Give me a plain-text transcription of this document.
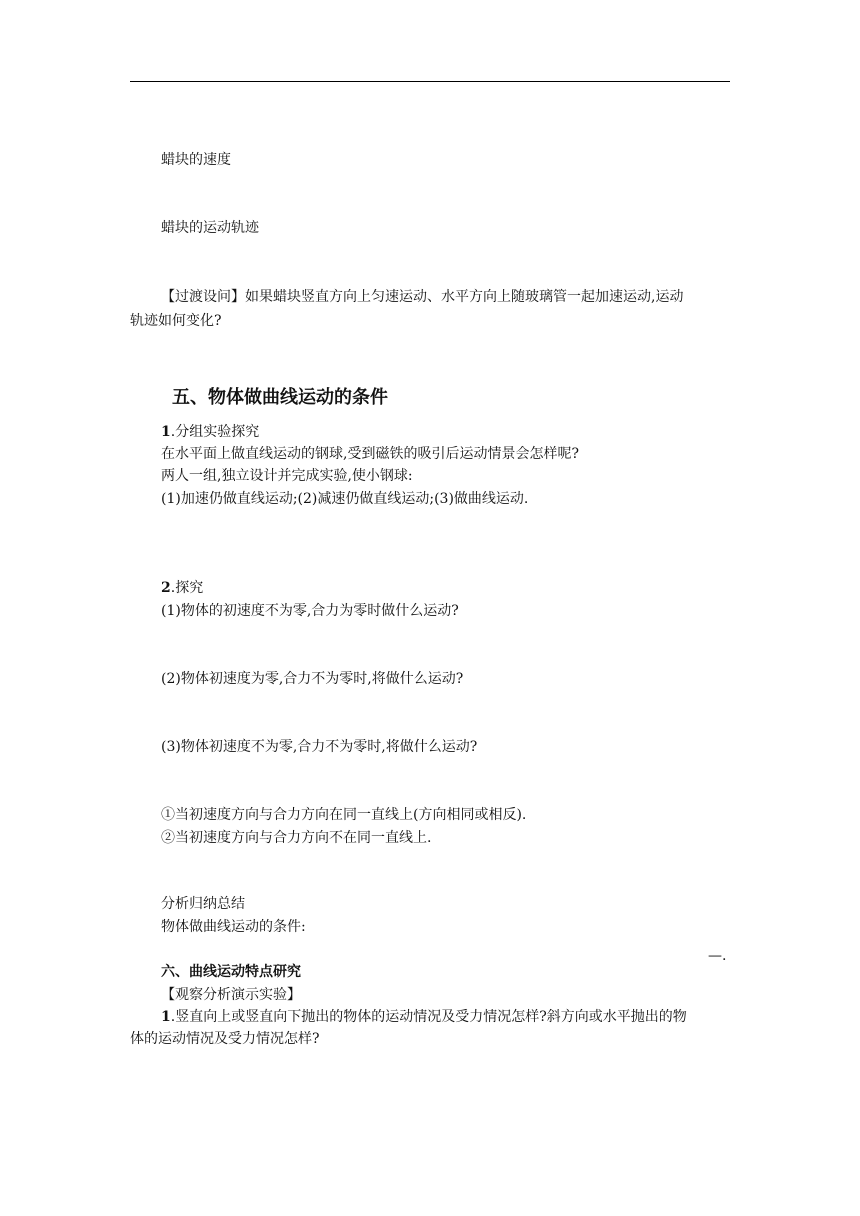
蜡块的速度
蜡块的运动轨迹
【过渡设问】如果蜡块竖直方向上匀速运动、水平方向上随玻璃管一起加速运动,运动
轨迹如何变化?
五、物体做曲线运动的条件
1.分组实验探究
在水平面上做直线运动的钢球,受到磁铁的吸引后运动情景会怎样呢?
两人一组,独立设计并完成实验,使小钢球:
(1)加速仍做直线运动;(2)减速仍做直线运动;(3)做曲线运动.
2.探究
(1)物体的初速度不为零,合力为零时做什么运动?
(2)物体初速度为零,合力不为零时,将做什么运动?
(3)物体初速度不为零,合力不为零时,将做什么运动?
①当初速度方向与合力方向在同一直线上(方向相同或相反).
②当初速度方向与合力方向不在同一直线上.
分析归纳总结
物体做曲线运动的条件:
—.
六、曲线运动特点研究
【观察分析演示实验】
1.竖直向上或竖直向下抛出的物体的运动情况及受力情况怎样?斜方向或水平抛出的物
体的运动情况及受力情况怎样?
